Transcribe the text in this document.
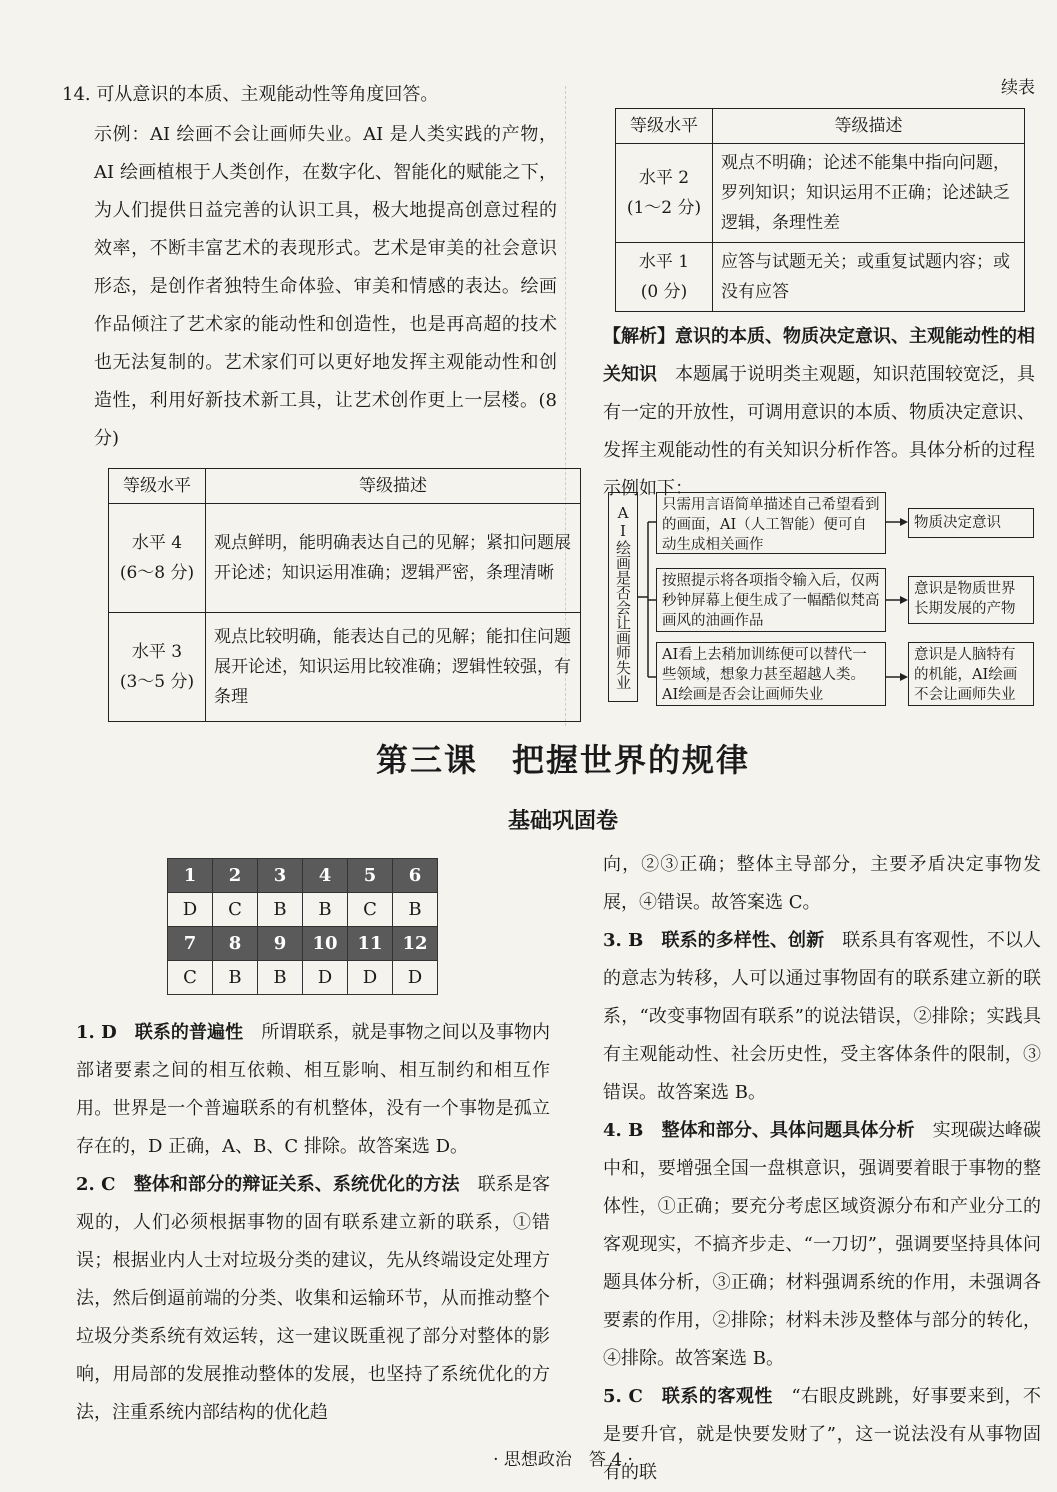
14. 可从意识的本质、主观能动性等角度回答。

示例：AI 绘画不会让画师失业。AI 是人类实践的产物，AI 绘画植根于人类创作，在数字化、智能化的赋能之下，为人们提供日益完善的认识工具，极大地提高创意过程的效率，不断丰富艺术的表现形式。艺术是审美的社会意识形态，是创作者独特生命体验、审美和情感的表达。绘画作品倾注了艺术家的能动性和创造性，也是再高超的技术也无法复制的。艺术家们可以更好地发挥主观能动性和创造性，利用好新技术新工具，让艺术创作更上一层楼。(8 分)

等级水平	等级描述

水平 4
(6～8 分)	观点鲜明，能明确表达自己的见解；紧扣问题展开论述；知识运用准确；逻辑严密，条理清晰

水平 3
(3～5 分)	观点比较明确，能表达自己的见解；能扣住问题展开论述，知识运用比较准确；逻辑性较强，有条理
续表
等级水平	等级描述

水平 2
(1～2 分)	观点不明确；论述不能集中指向问题，罗列知识；知识运用不正确；论述缺乏逻辑，条理性差

水平 1
(0 分)	应答与试题无关；或重复试题内容；或没有应答

【解析】意识的本质、物质决定意识、主观能动性的相关知识　 本题属于说明类主观题，知识范围较宽泛，具有一定的开放性，可调用意识的本质、物质决定意识、发挥主观能动性的有关知识分析作答。具体分析的过程示例如下：

AI绘画是否会让画师失业	只需用言语简单描述自己希望看到的画面，AI（人工智能）便可自动生成相关画作
物质决定意识
按照提示将各项指令输入后，仅两秒钟屏幕上便生成了一幅酷似梵高画风的油画作品
意识是物质世界长期发展的产物
AI看上去稍加训练便可以替代一些领域，想象力甚至超越人类。AI绘画是否会让画师失业
意识是人脑特有的机能，AI绘画不会让画师失业
第三课　把握世界的规律
基础巩固卷
1	2	3	4	5	6
D	C	B	B	C	B
7	8	9	10	11	12
C	B	B	D	D	D

1. D　联系的普遍性　 所谓联系，就是事物之间以及事物内部诸要素之间的相互依赖、相互影响、相互制约和相互作用。世界是一个普遍联系的有机整体，没有一个事物是孤立存在的，D 正确，A、B、C 排除。故答案选 D。

2. C　整体和部分的辩证关系、系统优化的方法　 联系是客观的，人们必须根据事物的固有联系建立新的联系，①错误；根据业内人士对垃圾分类的建议，先从终端设定处理方法，然后倒逼前端的分类、收集和运输环节，从而推动整个垃圾分类系统有效运转，这一建议既重视了部分对整体的影响，用局部的发展推动整体的发展，也坚持了系统优化的方法，注重系统内部结构的优化趋

向，②③正确；整体主导部分，主要矛盾决定事物发展，④错误。故答案选 C。

3. B　联系的多样性、创新　 联系具有客观性，不以人的意志为转移，人可以通过事物固有的联系建立新的联系，“改变事物固有联系”的说法错误，②排除；实践具有主观能动性、社会历史性，受主客体条件的限制，③错误。故答案选 B。

4. B　整体和部分、具体问题具体分析　 实现碳达峰碳中和，要增强全国一盘棋意识，强调要着眼于事物的整体性，①正确；要充分考虑区域资源分布和产业分工的客观现实，不搞齐步走、“一刀切”，强调要坚持具体问题具体分析，③正确；材料强调系统的作用，未强调各要素的作用，②排除；材料未涉及整体与部分的转化，④排除。故答案选 B。

5. C　联系的客观性　 “右眼皮跳跳，好事要来到，不是要升官，就是快要发财了”，这一说法没有从事物固有的联

· 思想政治　答 4 ·
